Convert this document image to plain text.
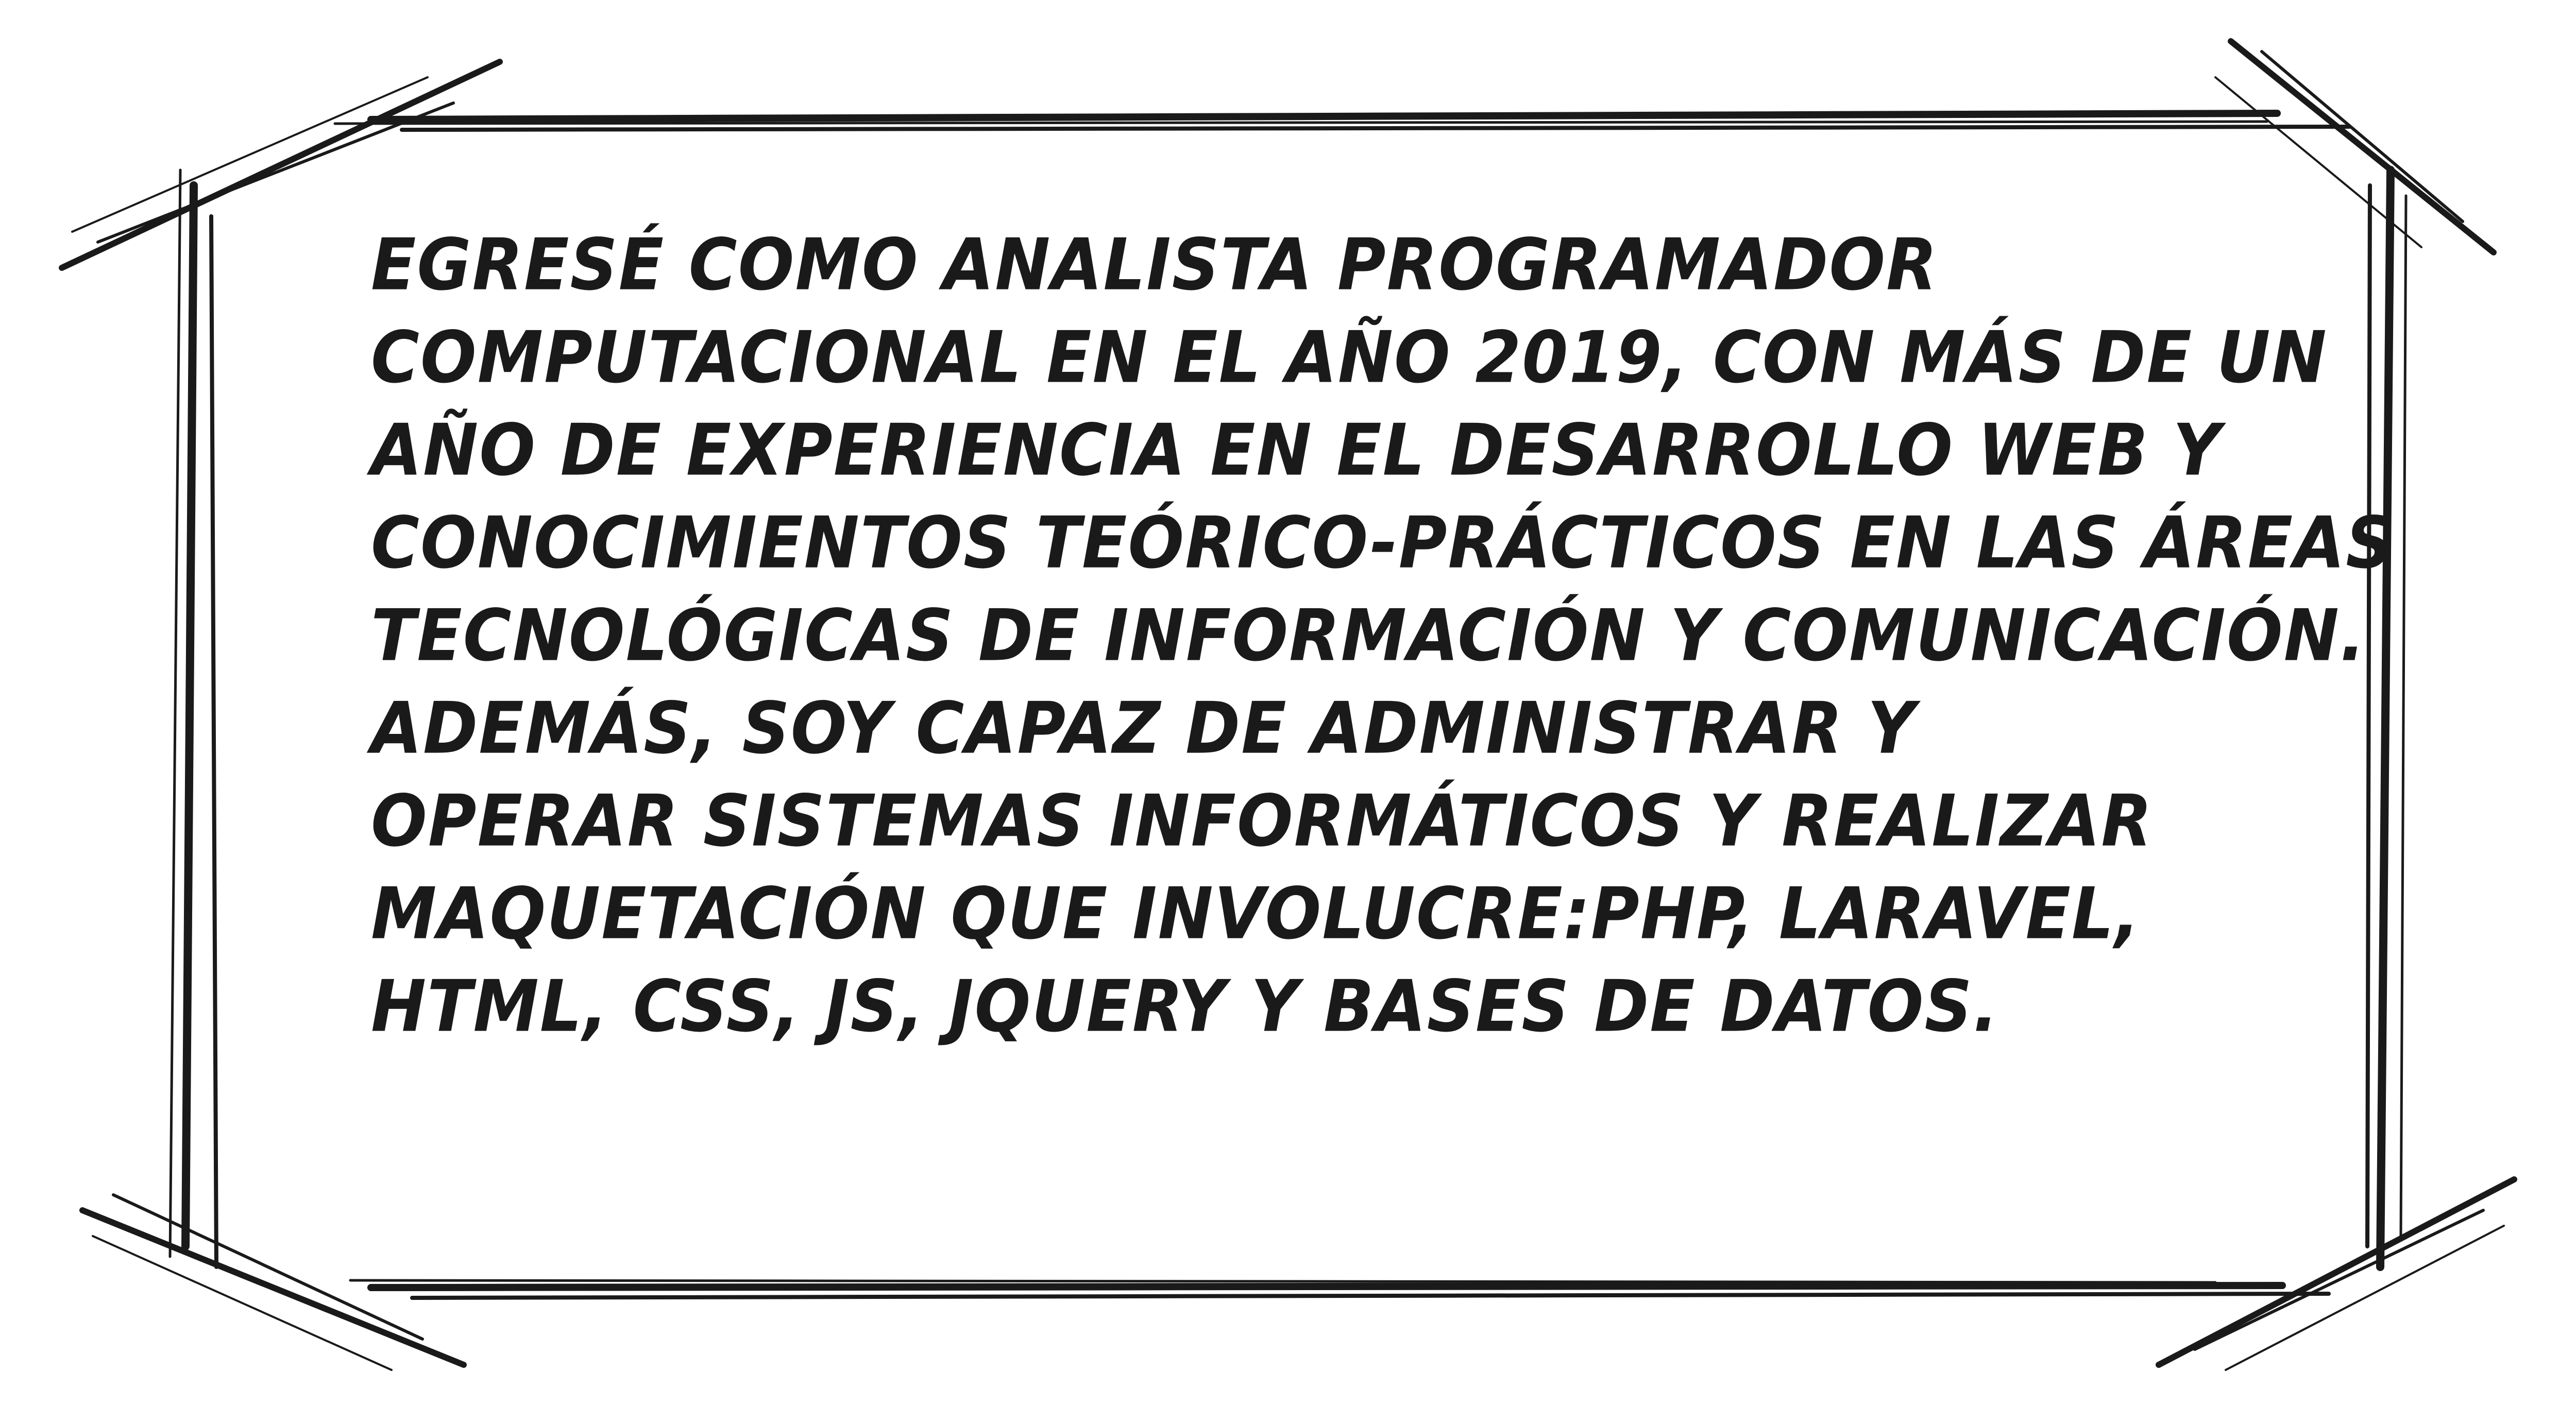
EGRESÉ COMO ANALISTA PROGRAMADOR
COMPUTACIONAL EN EL AÑO 2019, CON MÁS DE UN
AÑO DE EXPERIENCIA EN EL DESARROLLO WEB Y
CONOCIMIENTOS TEÓRICO-PRÁCTICOS EN LAS ÁREAS
TECNOLÓGICAS DE INFORMACIÓN Y COMUNICACIÓN.
ADEMÁS, SOY CAPAZ DE ADMINISTRAR Y
OPERAR SISTEMAS INFORMÁTICOS Y REALIZAR
MAQUETACIÓN QUE INVOLUCRE:PHP, LARAVEL,
HTML, CSS, JS, JQUERY Y BASES DE DATOS.
